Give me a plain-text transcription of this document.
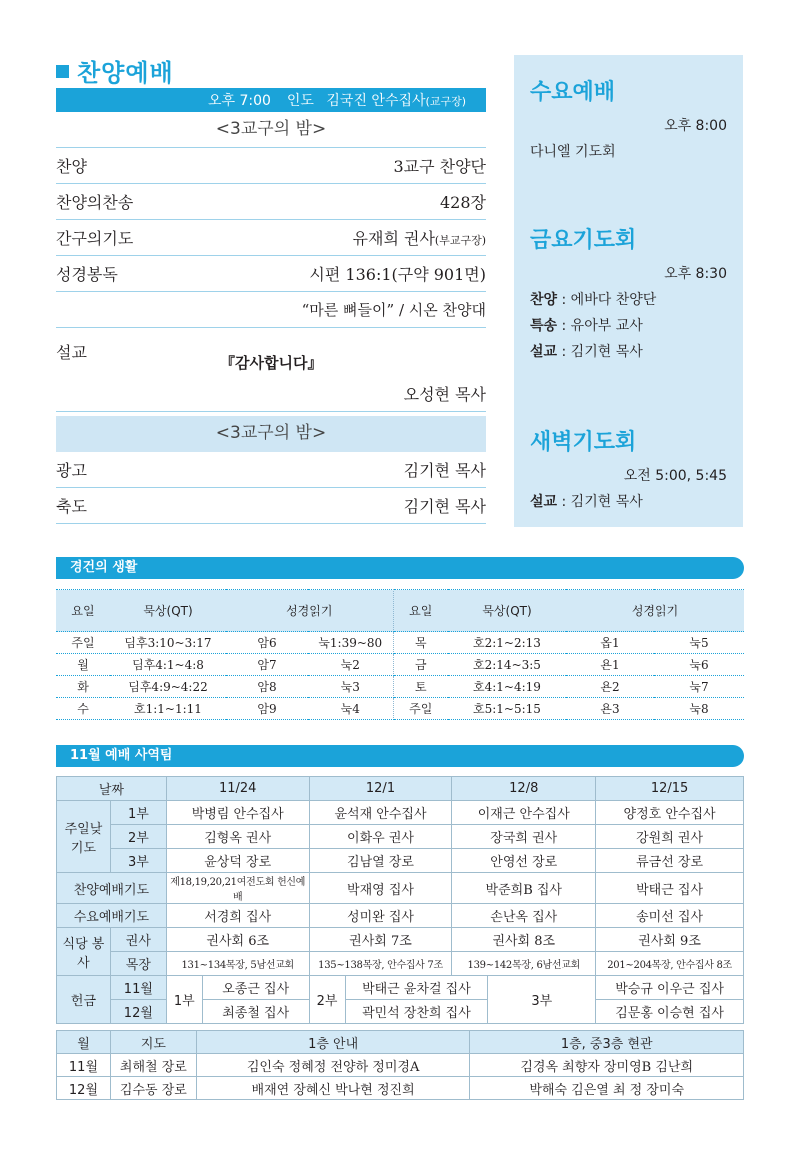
찬양예배
오후 7:00 인도 김국진 안수집사(교구장)
<3교구의 밤>
찬양	3교구 찬양단
찬양의찬송	428장
간구의기도	유재희 권사(부교구장)
성경봉독	시편 136:1(구약 901면)
“마른 뼈들이” / 시온 찬양대
설교
『감사합니다』
오성현 목사
<3교구의 밤>
광고	김기현 목사
축도	김기현 목사
수요예배
오후 8:00
다니엘 기도회
금요기도회
오후 8:30
찬양 : 에바다 찬양단
특송 : 유아부 교사
설교 : 김기현 목사
새벽기도회
오전 5:00, 5:45
설교 : 김기현 목사
경건의 생활
요일	묵상(QT)	성경읽기		요일	묵상(QT)	성경읽기	
주일	딤후3:10~3:17	암6	눅1:39~80	목	호2:1~2:13	옵1	눅5
월	딤후4:1~4:8	암7	눅2	금	호2:14~3:5	욘1	눅6
화	딤후4:9~4:22	암8	눅3	토	호4:1~4:19	욘2	눅7
수	호1:1~1:11	암9	눅4	주일	호5:1~5:15	욘3	눅8
11월 예배 사역팀
날짜		11/24		12/1		12/8		12/15
주일낮 기도	1부	박병림 안수집사		윤석재 안수집사		이재근 안수집사		양정호 안수집사
	2부	김형옥 권사		이화우 권사		장국희 권사		강원희 권사
	3부	윤상덕 장로		김남열 장로		안영선 장로		류금선 장로
찬양예배기도		제18,19,20,21여전도회 헌신예배		박재영 집사		박준희B 집사		박태근 집사
수요예배기도		서경희 집사		성미완 집사		손난옥 집사		송미선 집사
식당 봉사	권사	권사회 6조		권사회 7조		권사회 8조		권사회 9조
	목장	131~134목장, 5남선교회		135~138목장, 안수집사 7조		139~142목장, 6남선교회		201~204목장, 안수집사 8조
헌금	11월	1부	오종근 집사	2부	박태근 윤차걸 집사		3부	박승규 이우근 집사
	12월		최종철 집사		곽민석 장찬희 집사			김문홍 이승현 집사
월	지도	1층 안내	1층, 중3층 현관
11월	최해철 장로	김인숙 정혜정 전양하 정미경A	김경옥 최향자 장미영B 김난희
12월	김수동 장로	배재연 장혜신 박나현 정진희	박해숙 김은열 최 정 장미숙
